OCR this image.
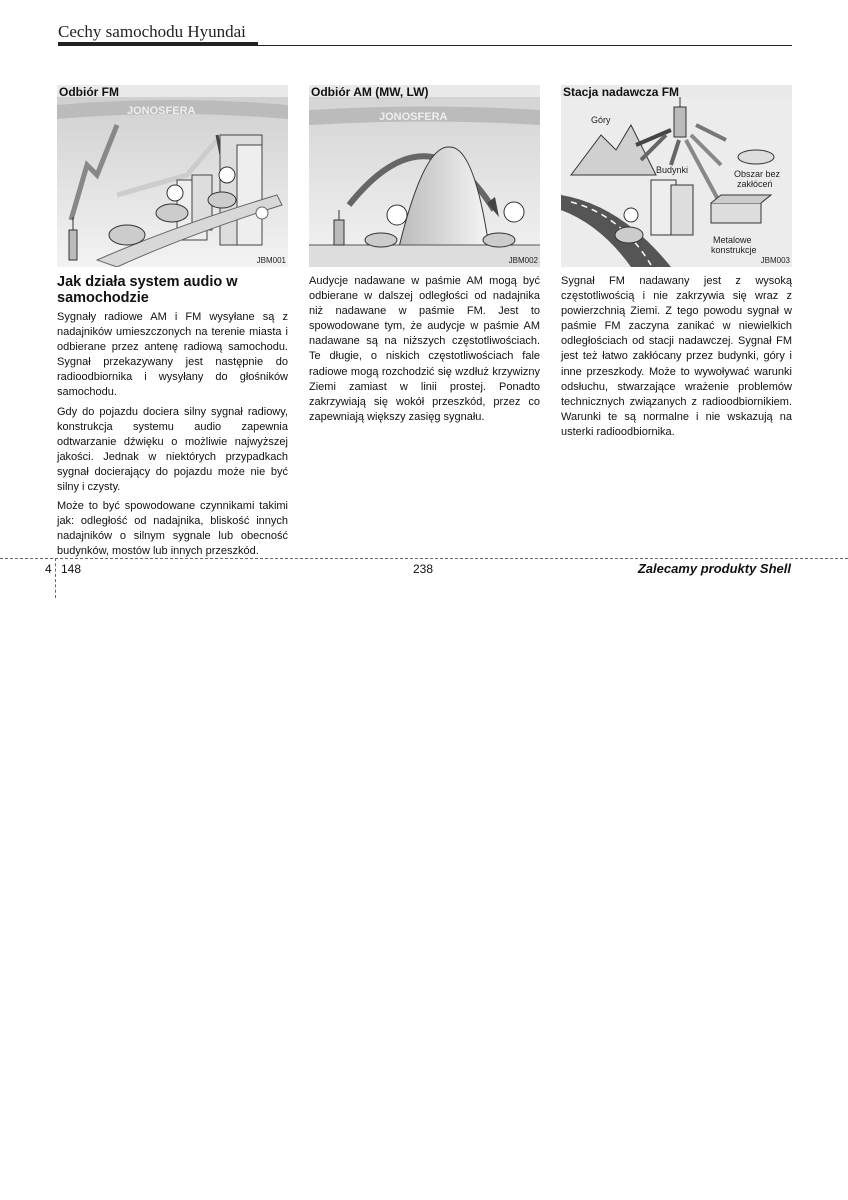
Cechy samochodu Hyundai
Odbiór FM
JONOSFERA
JBM001
Jak działa system audio w samochodzie

Sygnały radiowe AM i FM wysyłane są z nadajników umieszczonych na terenie miasta i odbierane przez antenę radiową samochodu. Sygnał przekazywany jest następnie do radioodbiornika i wysyłany do głośników samochodu.

Gdy do pojazdu dociera silny sygnał radiowy, konstrukcja systemu audio zapewnia odtwarzanie dźwięku o możliwie najwyższej jakości. Jednak w niektórych przypadkach sygnał docierający do pojazdu może nie być silny i czysty.

Może to być spowodowane czynnikami takimi jak: odległość od nadajnika, bliskość innych nadajników o silnym sygnale lub obecność budynków, mostów lub innych przeszkód.

Odbiór AM (MW, LW)
JONOSFERA
JBM002

Audycje nadawane w paśmie AM mogą być odbierane w dalszej odległości od nadajnika niż nadawane w paśmie FM. Jest to spowodowane tym, że audycje w paśmie AM nadawane są na niższych częstotliwościach. Te długie, o niskich częstotliwościach fale radiowe mogą rozchodzić się wzdłuż krzywizny Ziemi zamiast w linii prostej. Ponadto zakrzywiają się wokół przeszkód, przez co zapewniają większy zasięg sygnału.

Stacja nadawcza FM
Obszar bez
zakłóceń
Góry
Budynki
Metalowe
konstrukcje
JBM003

Sygnał FM nadawany jest z wysoką częstotliwością i nie zakrzywia się wraz z powierzchnią Ziemi. Z tego powodu sygnał w paśmie FM zaczyna zanikać w niewielkich odległościach od stacji nadawczej. Sygnał FM jest też łatwo zakłócany przez budynki, góry i inne przeszkody. Może to wywoływać warunki odsłuchu, stwarzające wrażenie problemów technicznych związanych z radioodbiornikiem. Warunki te są normalne i nie wskazują na usterki radioodbiornika.

4 148	238	Zalecamy produkty Shell
